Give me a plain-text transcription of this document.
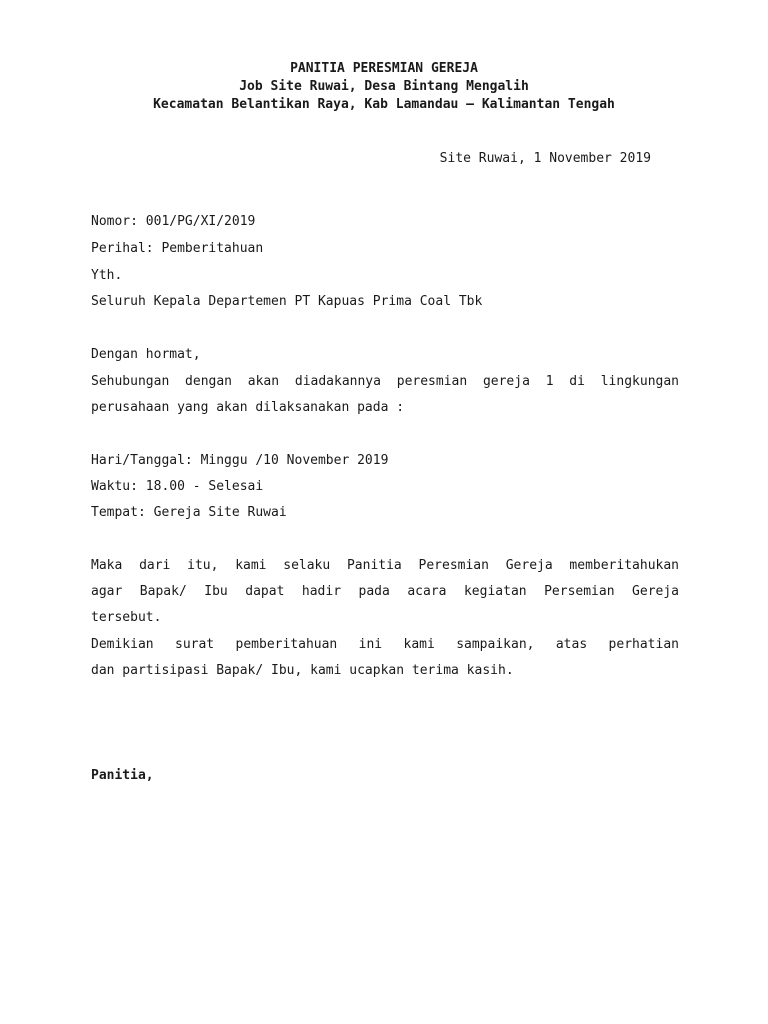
PANITIA PERESMIAN GEREJA
Job Site Ruwai, Desa Bintang Mengalih
Kecamatan Belantikan Raya, Kab Lamandau – Kalimantan Tengah
Site Ruwai, 1 November 2019
Nomor: 001/PG/XI/2019
Perihal: Pemberitahuan
Yth.
Seluruh Kepala Departemen PT Kapuas Prima Coal Tbk
Dengan hormat,
Sehubungan dengan akan diadakannya peresmian gereja 1 di lingkungan
perusahaan yang akan dilaksanakan pada :
Hari/Tanggal: Minggu /10 November 2019
Waktu: 18.00 - Selesai
Tempat: Gereja Site Ruwai
Maka dari itu, kami selaku Panitia Peresmian Gereja memberitahukan
agar Bapak/ Ibu dapat hadir pada acara kegiatan Persemian Gereja
tersebut.
Demikian surat pemberitahuan ini kami sampaikan, atas perhatian
dan partisipasi Bapak/ Ibu, kami ucapkan terima kasih.
Panitia,
